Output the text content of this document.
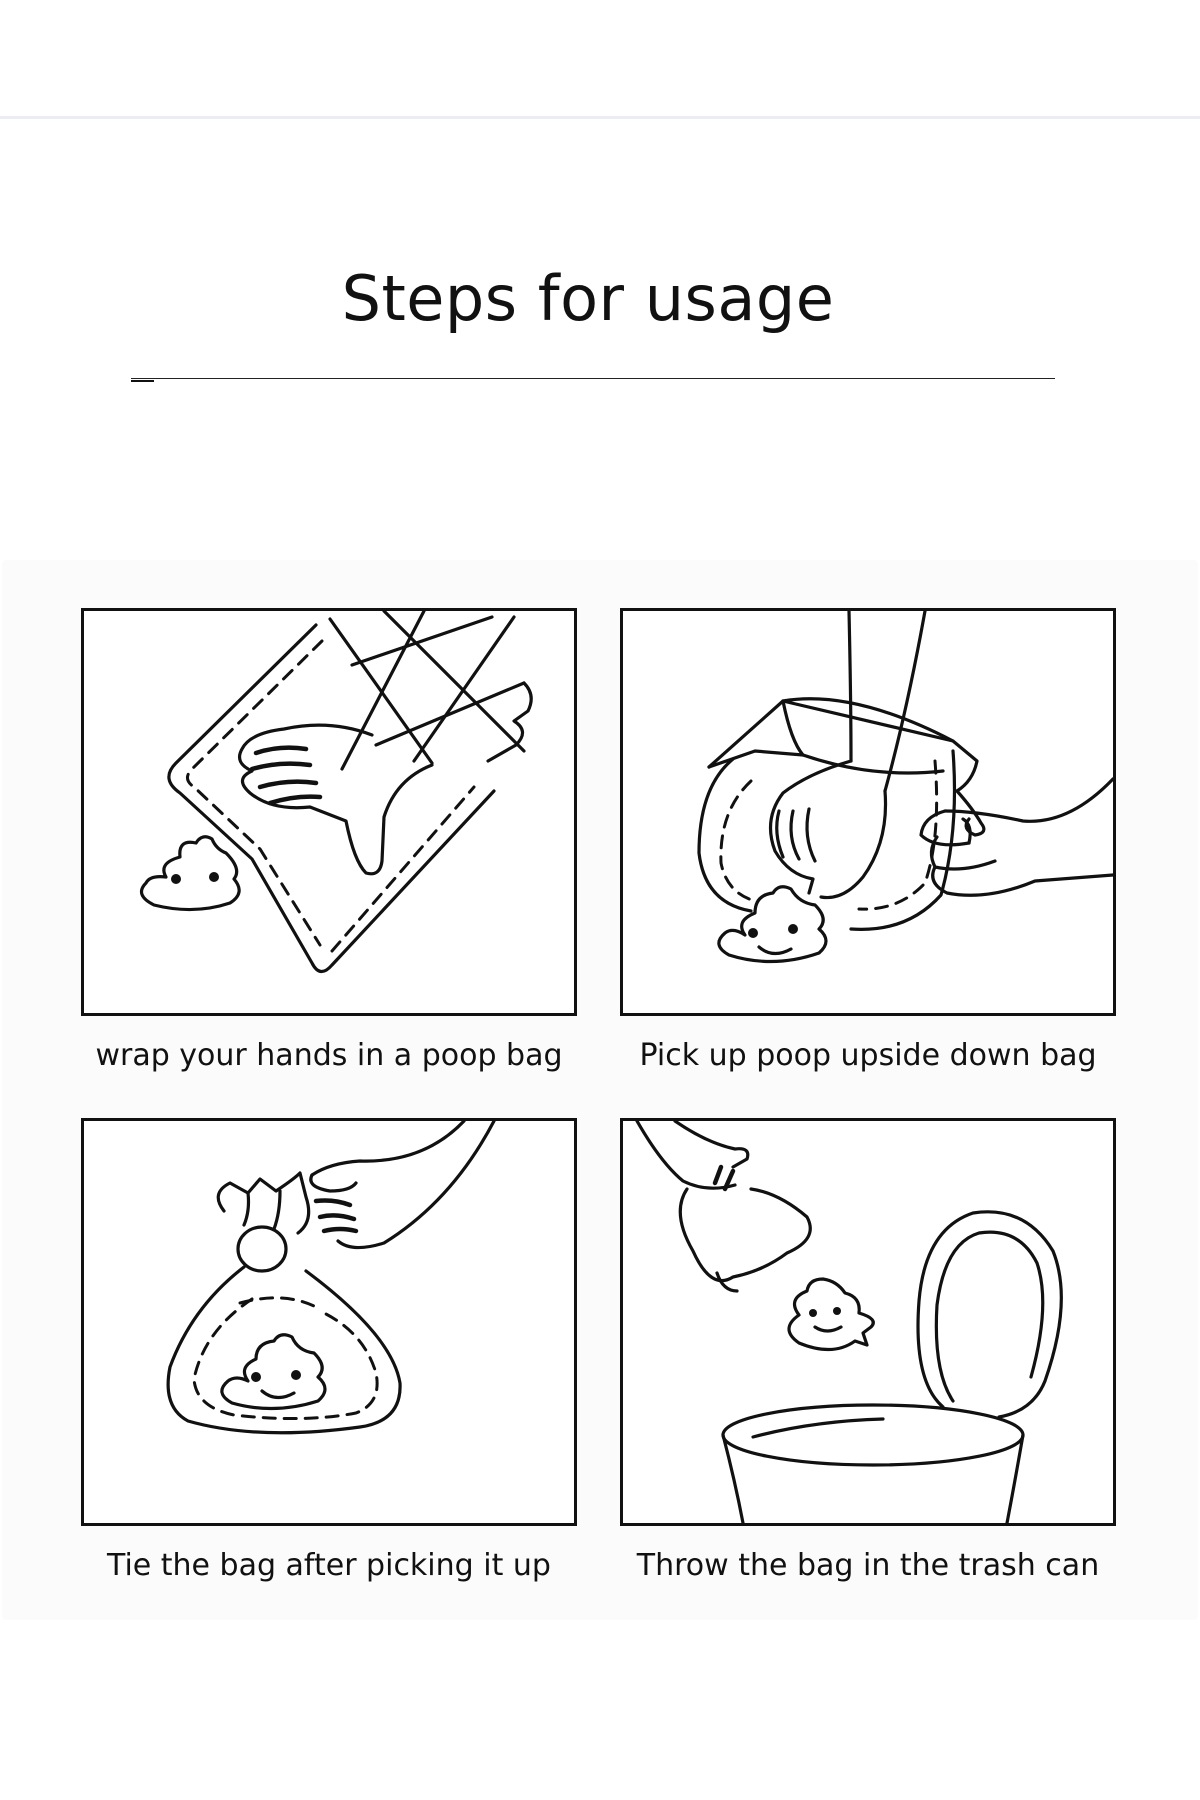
Steps for usage
wrap your hands in a poop bag	Pick up poop upside down bag
Tie the bag after picking it up	Throw the bag in the trash can
